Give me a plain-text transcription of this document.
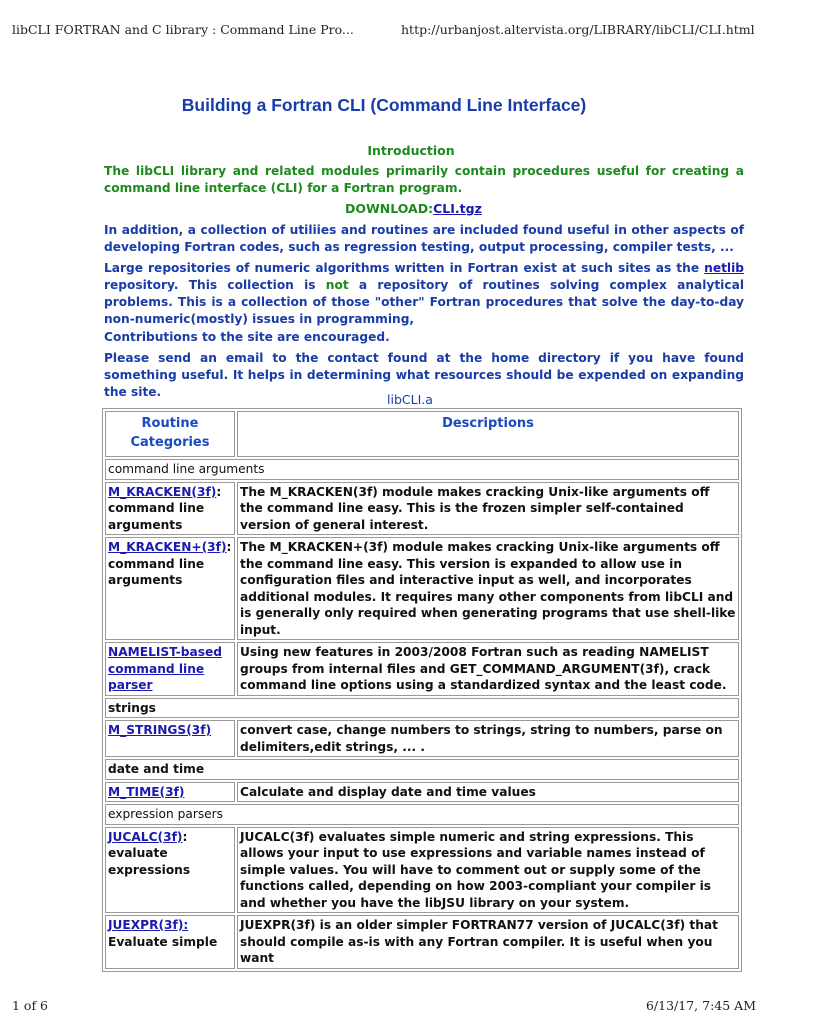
libCLI FORTRAN and C library : Command Line Pro...	http://urbanjost.altervista.org/LIBRARY/libCLI/CLI.html
Building a Fortran CLI (Command Line Interface)
Introduction
The libCLI library and related modules primarily contain procedures useful for creating a command line interface (CLI) for a Fortran program.
DOWNLOAD:CLI.tgz
In addition, a collection of utiliies and routines are included found useful in other aspects of developing Fortran codes, such as regression testing, output processing, compiler tests, ...
Large repositories of numeric algorithms written in Fortran exist at such sites as the netlib repository. This collection is not a repository of routines solving complex analytical problems. This is a collection of those "other" Fortran procedures that solve the day-to-day non-numeric(mostly) issues in programming,
Contributions to the site are encouraged.
Please send an email to the contact found at the home directory if you have found something useful. It helps in determining what resources should be expended on expanding the site.	libCLI.a
Routine Categories	Descriptions
command line arguments	
M_KRACKEN(3f): command line arguments	The M_KRACKEN(3f) module makes cracking Unix-like arguments off the command line easy. This is the frozen simpler self-contained version of general interest.
M_KRACKEN+(3f): command line arguments	The M_KRACKEN+(3f) module makes cracking Unix-like arguments off the command line easy. This version is expanded to allow use in configuration files and interactive input as well, and incorporates additional modules. It requires many other components from libCLI and is generally only required when generating programs that use shell-like input.
NAMELIST-based command line parser	Using new features in 2003/2008 Fortran such as reading NAMELIST groups from internal files and GET_COMMAND_ARGUMENT(3f), crack command line options using a standardized syntax and the least code.
strings	
M_STRINGS(3f)	convert case, change numbers to strings, string to numbers, parse on delimiters,edit strings, ... .
date and time	
M_TIME(3f)	Calculate and display date and time values
expression parsers	
JUCALC(3f): evaluate expressions	JUCALC(3f) evaluates simple numeric and string expressions. This allows your input to use expressions and variable names instead of simple values. You will have to comment out or supply some of the functions called, depending on how 2003-compliant your compiler is and whether you have the libJSU library on your system.
JUEXPR(3f): Evaluate simple	JUEXPR(3f) is an older simpler FORTRAN77 version of JUCALC(3f) that should compile as-is with any Fortran compiler. It is useful when you want
1 of 6	6/13/17, 7:45 AM
